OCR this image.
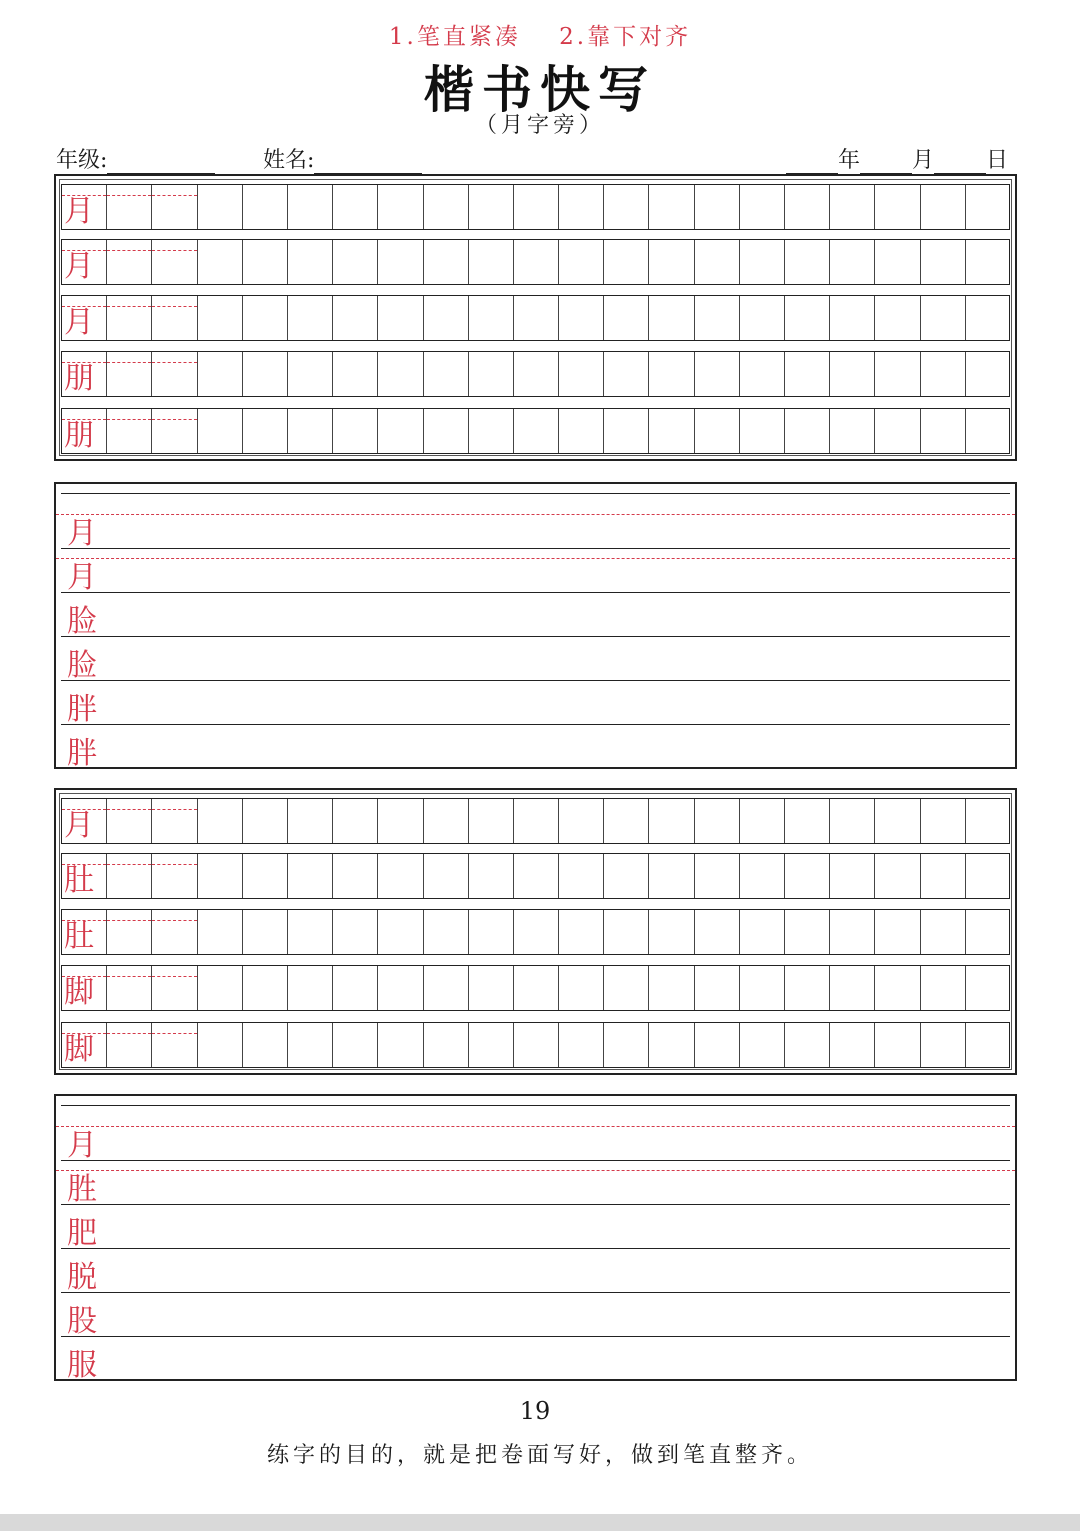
1.笔直紧凑 2.靠下对齐
楷书快写
（月字旁）
年级:	姓名:	年 月 日
月
月
月
朋
朋
月
月
脸
脸
胖
胖
月
肚
肚
脚
脚
月
胜
肥
脱
股
服
19
练字的目的，就是把卷面写好，做到笔直整齐。
